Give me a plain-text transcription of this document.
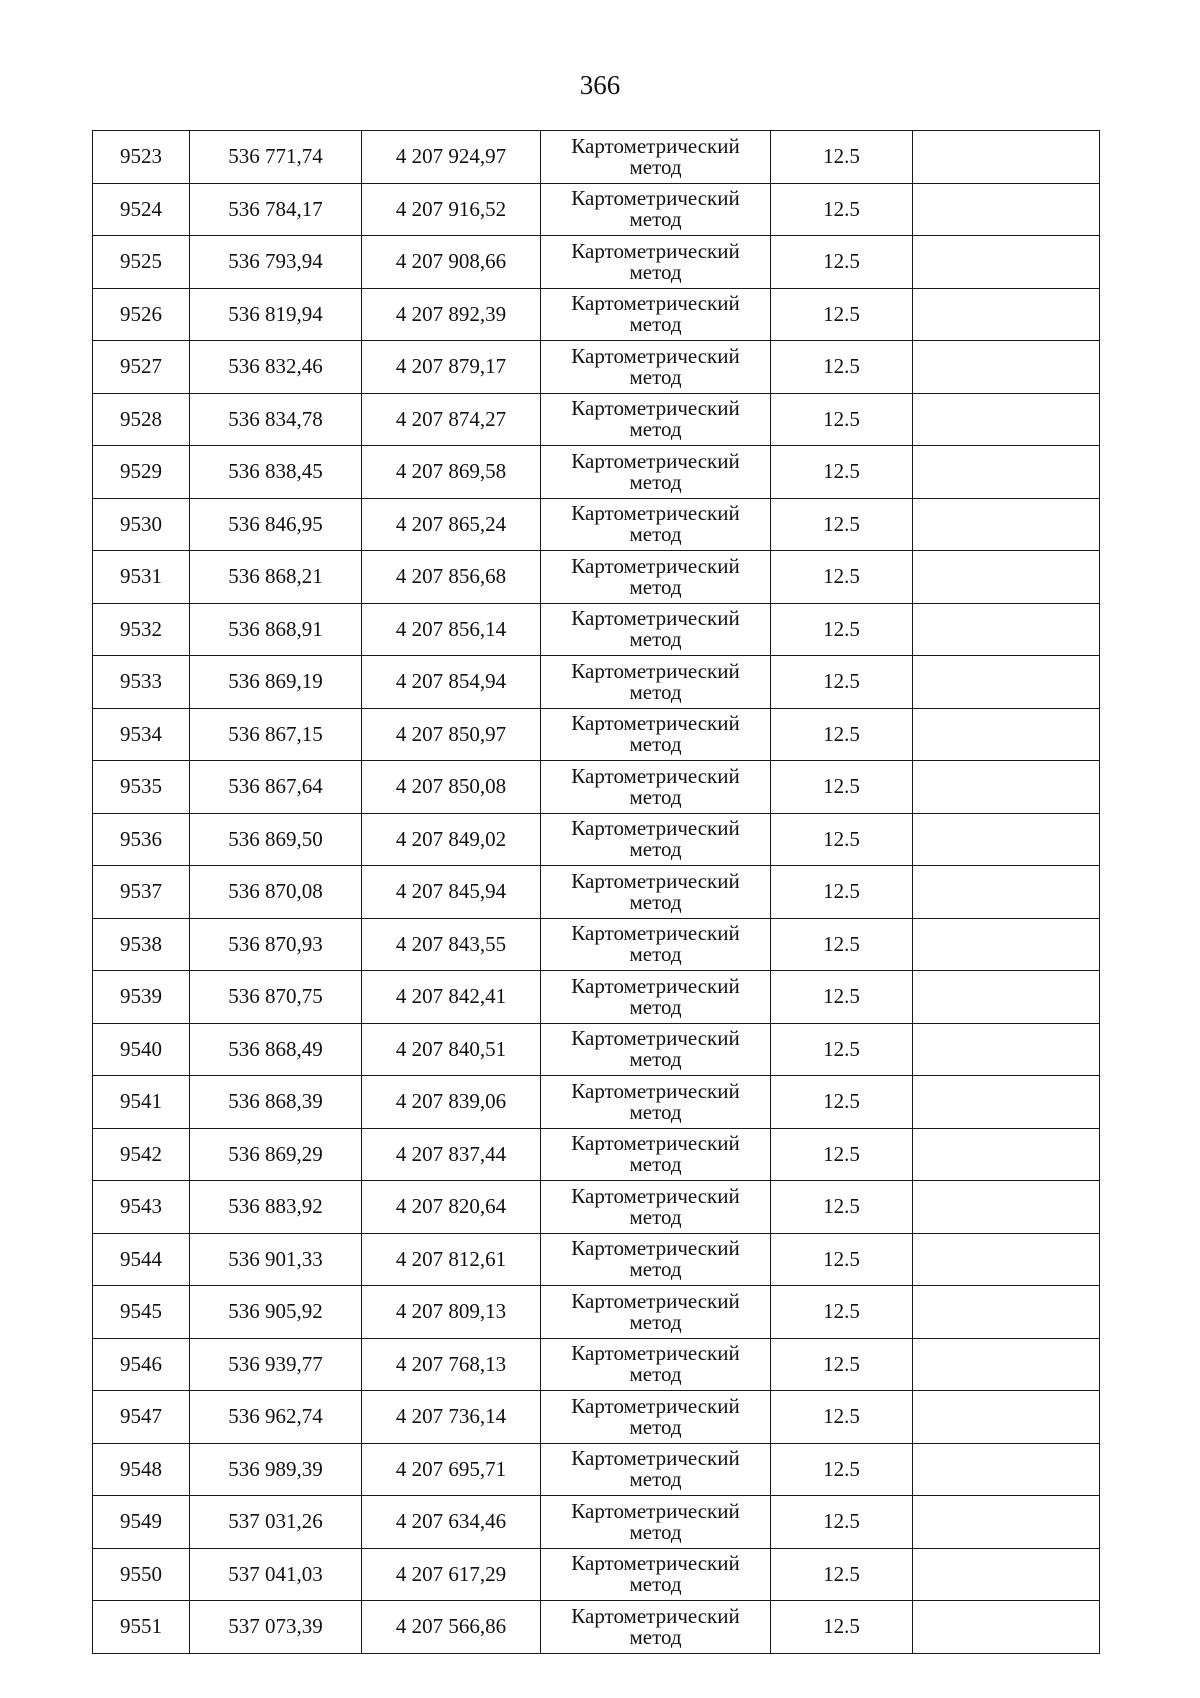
366
9523	536 771,74	4 207 924,97	Картометрический
метод	12.5	
9524	536 784,17	4 207 916,52	Картометрический
метод	12.5	
9525	536 793,94	4 207 908,66	Картометрический
метод	12.5	
9526	536 819,94	4 207 892,39	Картометрический
метод	12.5	
9527	536 832,46	4 207 879,17	Картометрический
метод	12.5	
9528	536 834,78	4 207 874,27	Картометрический
метод	12.5	
9529	536 838,45	4 207 869,58	Картометрический
метод	12.5	
9530	536 846,95	4 207 865,24	Картометрический
метод	12.5	
9531	536 868,21	4 207 856,68	Картометрический
метод	12.5	
9532	536 868,91	4 207 856,14	Картометрический
метод	12.5	
9533	536 869,19	4 207 854,94	Картометрический
метод	12.5	
9534	536 867,15	4 207 850,97	Картометрический
метод	12.5	
9535	536 867,64	4 207 850,08	Картометрический
метод	12.5	
9536	536 869,50	4 207 849,02	Картометрический
метод	12.5	
9537	536 870,08	4 207 845,94	Картометрический
метод	12.5	
9538	536 870,93	4 207 843,55	Картометрический
метод	12.5	
9539	536 870,75	4 207 842,41	Картометрический
метод	12.5	
9540	536 868,49	4 207 840,51	Картометрический
метод	12.5	
9541	536 868,39	4 207 839,06	Картометрический
метод	12.5	
9542	536 869,29	4 207 837,44	Картометрический
метод	12.5	
9543	536 883,92	4 207 820,64	Картометрический
метод	12.5	
9544	536 901,33	4 207 812,61	Картометрический
метод	12.5	
9545	536 905,92	4 207 809,13	Картометрический
метод	12.5	
9546	536 939,77	4 207 768,13	Картометрический
метод	12.5	
9547	536 962,74	4 207 736,14	Картометрический
метод	12.5	
9548	536 989,39	4 207 695,71	Картометрический
метод	12.5	
9549	537 031,26	4 207 634,46	Картометрический
метод	12.5	
9550	537 041,03	4 207 617,29	Картометрический
метод	12.5	
9551	537 073,39	4 207 566,86	Картометрический
метод	12.5	
